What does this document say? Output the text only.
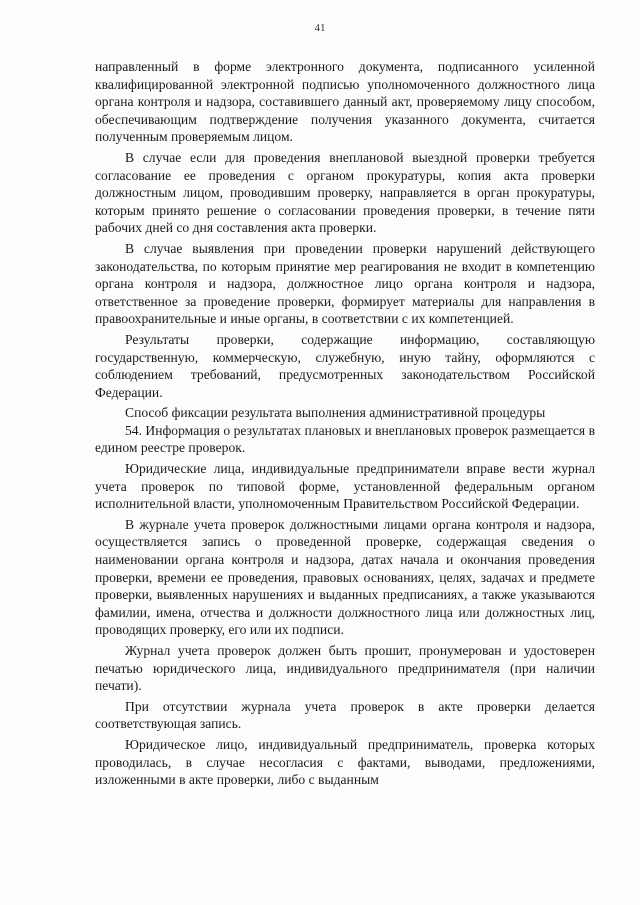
41

направленный в форме электронного документа, подписанного усиленной квалифицированной электронной подписью уполномоченного должностного лица органа контроля и надзора, составившего данный акт, проверяемому лицу способом, обеспечивающим подтверждение получения указанного документа, считается полученным проверяемым лицом.

В случае если для проведения внеплановой выездной проверки требуется согласование ее проведения с органом прокуратуры, копия акта проверки должностным лицом, проводившим проверку, направляется в орган прокуратуры, которым принято решение о согласовании проведения проверки, в течение пяти рабочих дней со дня составления акта проверки.

В случае выявления при проведении проверки нарушений действующего законодательства, по которым принятие мер реагирования не входит в компетенцию органа контроля и надзора, должностное лицо органа контроля и надзора, ответственное за проведение проверки, формирует материалы для направления в правоохранительные и иные органы, в соответствии с их компетенцией.

Результаты проверки, содержащие информацию, составляющую государственную, коммерческую, служебную, иную тайну, оформляются с соблюдением требований, предусмотренных законодательством Российской Федерации.

Способ фиксации результата выполнения административной процедуры

54. Информация о результатах плановых и внеплановых проверок размещается в едином реестре проверок.

Юридические лица, индивидуальные предприниматели вправе вести журнал учета проверок по типовой форме, установленной федеральным органом исполнительной власти, уполномоченным Правительством Российской Федерации.

В журнале учета проверок должностными лицами органа контроля и надзора, осуществляется запись о проведенной проверке, содержащая сведения о наименовании органа контроля и надзора, датах начала и окончания проведения проверки, времени ее проведения, правовых основаниях, целях, задачах и предмете проверки, выявленных нарушениях и выданных предписаниях, а также указываются фамилии, имена, отчества и должности должностного лица или должностных лиц, проводящих проверку, его или их подписи.

Журнал учета проверок должен быть прошит, пронумерован и удостоверен печатью юридического лица, индивидуального предпринимателя (при наличии печати).

При отсутствии журнала учета проверок в акте проверки делается соответствующая запись.

Юридическое лицо, индивидуальный предприниматель, проверка которых проводилась, в случае несогласия с фактами, выводами, предложениями, изложенными в акте проверки, либо с выданным
